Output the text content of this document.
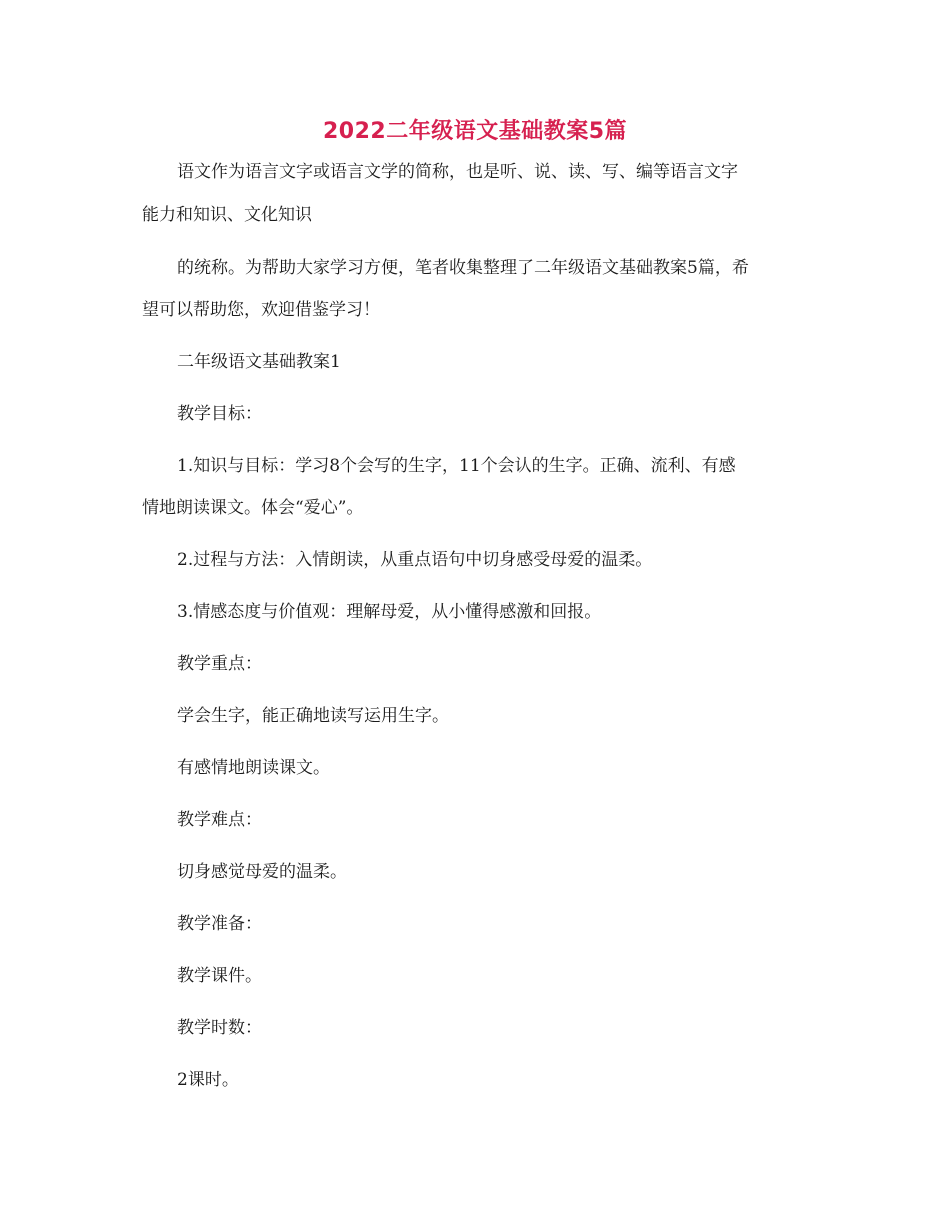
2022二年级语文基础教案5篇
语文作为语言文字或语言文学的简称，也是听、说、读、写、编等语言文字
能力和知识、文化知识
的统称。为帮助大家学习方便，笔者收集整理了二年级语文基础教案5篇，希
望可以帮助您，欢迎借鉴学习！
二年级语文基础教案1
教学目标：
1.知识与目标：学习8个会写的生字，11个会认的生字。正确、流利、有感
情地朗读课文。体会“爱心”。
2.过程与方法：入情朗读，从重点语句中切身感受母爱的温柔。
3.情感态度与价值观：理解母爱，从小懂得感激和回报。
教学重点：
学会生字，能正确地读写运用生字。
有感情地朗读课文。
教学难点：
切身感觉母爱的温柔。
教学准备：
教学课件。
教学时数：
2课时。
